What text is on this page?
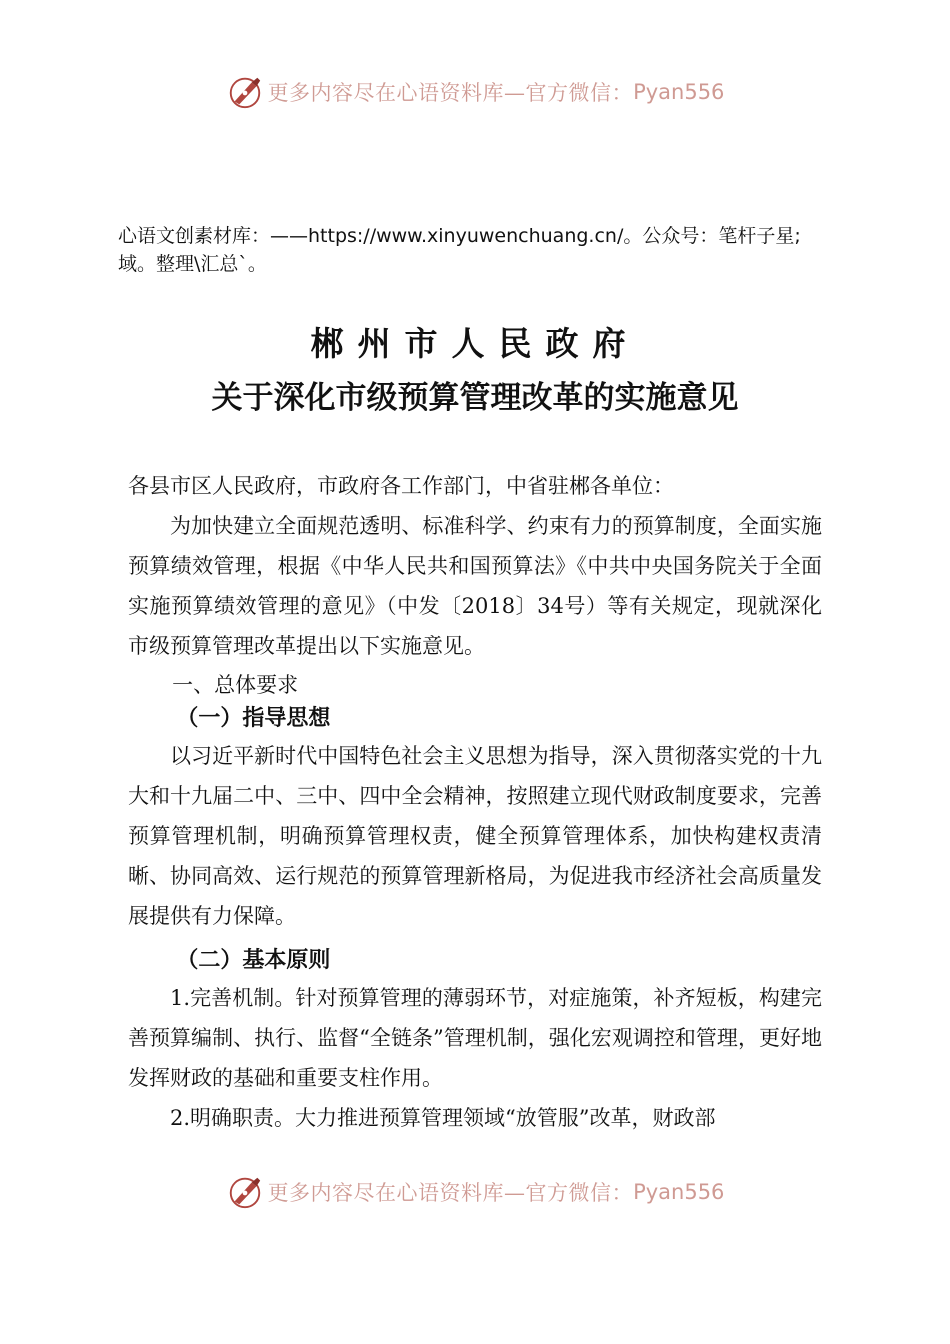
更多内容尽在心语资料库—官方微信： Pyan556
心语文创素材库：——https://www.xinyuwenchuang.cn/。公众号：笔杆子星;域。整理\汇总`。
郴州市人民政府
关于深化市级预算管理改革的实施意见

各县市区人民政府，市政府各工作部门，中省驻郴各单位：

为加快建立全面规范透明、标准科学、约束有力的预算制度，全面实施预算绩效管理，根据《中华人民共和国预算法》《中共中央国务院关于全面实施预算绩效管理的意见》（中发〔2018〕34号）等有关规定，现就深化市级预算管理改革提出以下实施意见。

一、总体要求

（一）指导思想

以习近平新时代中国特色社会主义思想为指导，深入贯彻落实党的十九大和十九届二中、三中、四中全会精神，按照建立现代财政制度要求，完善预算管理机制，明确预算管理权责，健全预算管理体系，加快构建权责清晰、协同高效、运行规范的预算管理新格局，为促进我市经济社会高质量发展提供有力保障。

（二）基本原则

1.完善机制。针对预算管理的薄弱环节，对症施策，补齐短板，构建完善预算编制、执行、监督“全链条”管理机制，强化宏观调控和管理，更好地发挥财政的基础和重要支柱作用。

2.明确职责。大力推进预算管理领域“放管服”改革，财政部

更多内容尽在心语资料库—官方微信： Pyan556
